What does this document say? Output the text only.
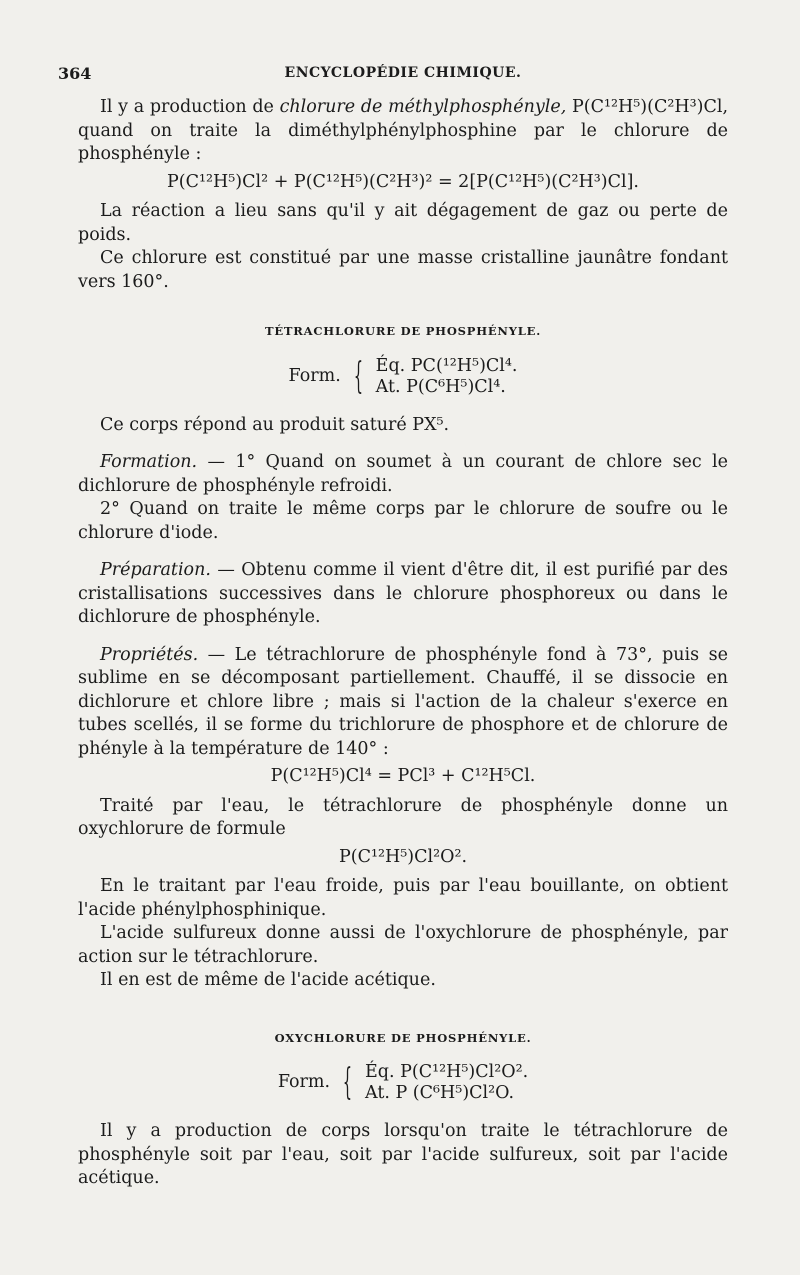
364	ENCYCLOPÉDIE CHIMIQUE.

Il y a production de chlorure de méthylphosphényle, P(C¹²H⁵)(C²H³)Cl, quand on traite la diméthylphénylphosphine par le chlorure de phosphényle :

P(C¹²H⁵)Cl² + P(C¹²H⁵)(C²H³)² = 2[P(C¹²H⁵)(C²H³)Cl].

La réaction a lieu sans qu'il y ait dégagement de gaz ou perte de poids.

Ce chlorure est constitué par une masse cristalline jaunâtre fondant vers 160°.

TÉTRACHLORURE DE PHOSPHÉNYLE.
Form. { Éq. PC(¹²H⁵)Cl⁴.
At. P(C⁶H⁵)Cl⁴.

Ce corps répond au produit saturé PX⁵.

Formation. — 1° Quand on soumet à un courant de chlore sec le dichlorure de phosphényle refroidi.

2° Quand on traite le même corps par le chlorure de soufre ou le chlorure d'iode.

Préparation. — Obtenu comme il vient d'être dit, il est purifié par des cristallisations successives dans le chlorure phosphoreux ou dans le dichlorure de phosphényle.

Propriétés. — Le tétrachlorure de phosphényle fond à 73°, puis se sublime en se décomposant partiellement. Chauffé, il se dissocie en dichlorure et chlore libre ; mais si l'action de la chaleur s'exerce en tubes scellés, il se forme du trichlorure de phosphore et de chlorure de phényle à la température de 140° :

P(C¹²H⁵)Cl⁴ = PCl³ + C¹²H⁵Cl.

Traité par l'eau, le tétrachlorure de phosphényle donne un oxychlorure de formule

P(C¹²H⁵)Cl²O².

En le traitant par l'eau froide, puis par l'eau bouillante, on obtient l'acide phénylphosphinique.

L'acide sulfureux donne aussi de l'oxychlorure de phosphényle, par action sur le tétrachlorure.

Il en est de même de l'acide acétique.

OXYCHLORURE DE PHOSPHÉNYLE.
Form. { Éq. P(C¹²H⁵)Cl²O².
At. P (C⁶H⁵)Cl²O.

Il y a production de corps lorsqu'on traite le tétrachlorure de phosphényle soit par l'eau, soit par l'acide sulfureux, soit par l'acide acétique.
